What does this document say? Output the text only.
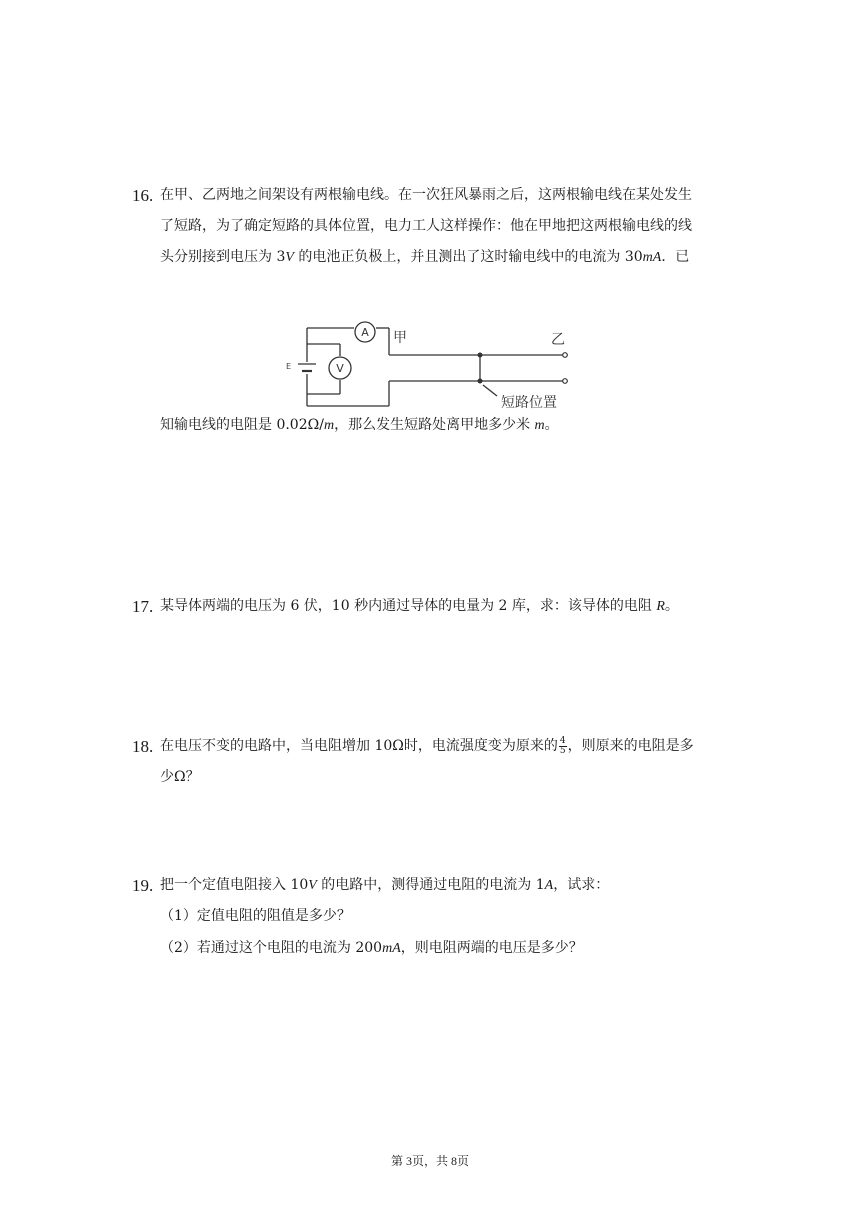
16. 在甲、乙两地之间架设有两根输电线。在一次狂风暴雨之后，这两根输电线在某处发生
了短路，为了确定短路的具体位置，电力工人这样操作：他在甲地把这两根输电线的线
头分别接到电压为 3V 的电池正负极上，并且测出了这时输电线中的电流为 30mA．已
E
A
V
甲	乙
短路位置
知输电线的电阻是 0.02Ω/m，那么发生短路处离甲地多少米 m。
17. 某导体两端的电压为 6 伏，10 秒内通过导体的电量为 2 库，求：该导体的电阻 R。
18. 在电压不变的电路中，当电阻增加 10Ω时，电流强度变为原来的 $\frac{4}{5}$ ，则原来的电阻是多
少Ω？
19. 把一个定值电阻接入 10V 的电路中，测得通过电阻的电流为 1A，试求：
（1）定值电阻的阻值是多少？
（2）若通过这个电阻的电流为 200mA，则电阻两端的电压是多少？
第 3页，共 8页
